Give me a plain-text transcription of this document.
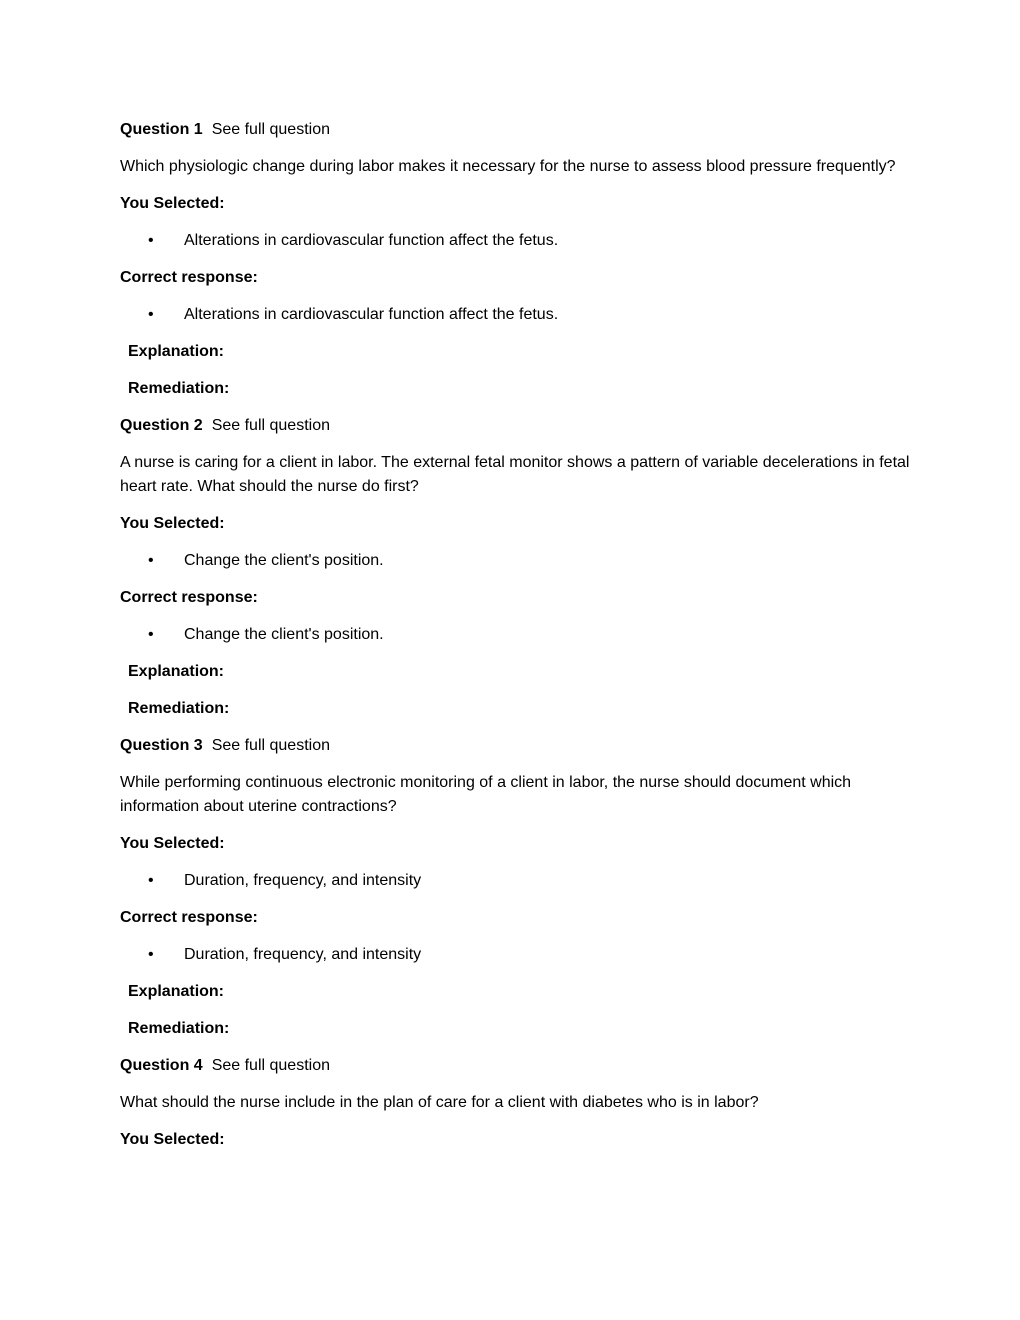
Question 1 See full question

Which physiologic change during labor makes it necessary for the nurse to assess blood pressure frequently?

You Selected:

• Alterations in cardiovascular function affect the fetus.

Correct response:

• Alterations in cardiovascular function affect the fetus.

Explanation:

Remediation:

Question 2 See full question

A nurse is caring for a client in labor. The external fetal monitor shows a pattern of variable decelerations in fetal heart rate. What should the nurse do first?

You Selected:

• Change the client's position.

Correct response:

• Change the client's position.

Explanation:

Remediation:

Question 3 See full question

While performing continuous electronic monitoring of a client in labor, the nurse should document which information about uterine contractions?

You Selected:

• Duration, frequency, and intensity

Correct response:

• Duration, frequency, and intensity

Explanation:

Remediation:

Question 4 See full question

What should the nurse include in the plan of care for a client with diabetes who is in labor?

You Selected:
